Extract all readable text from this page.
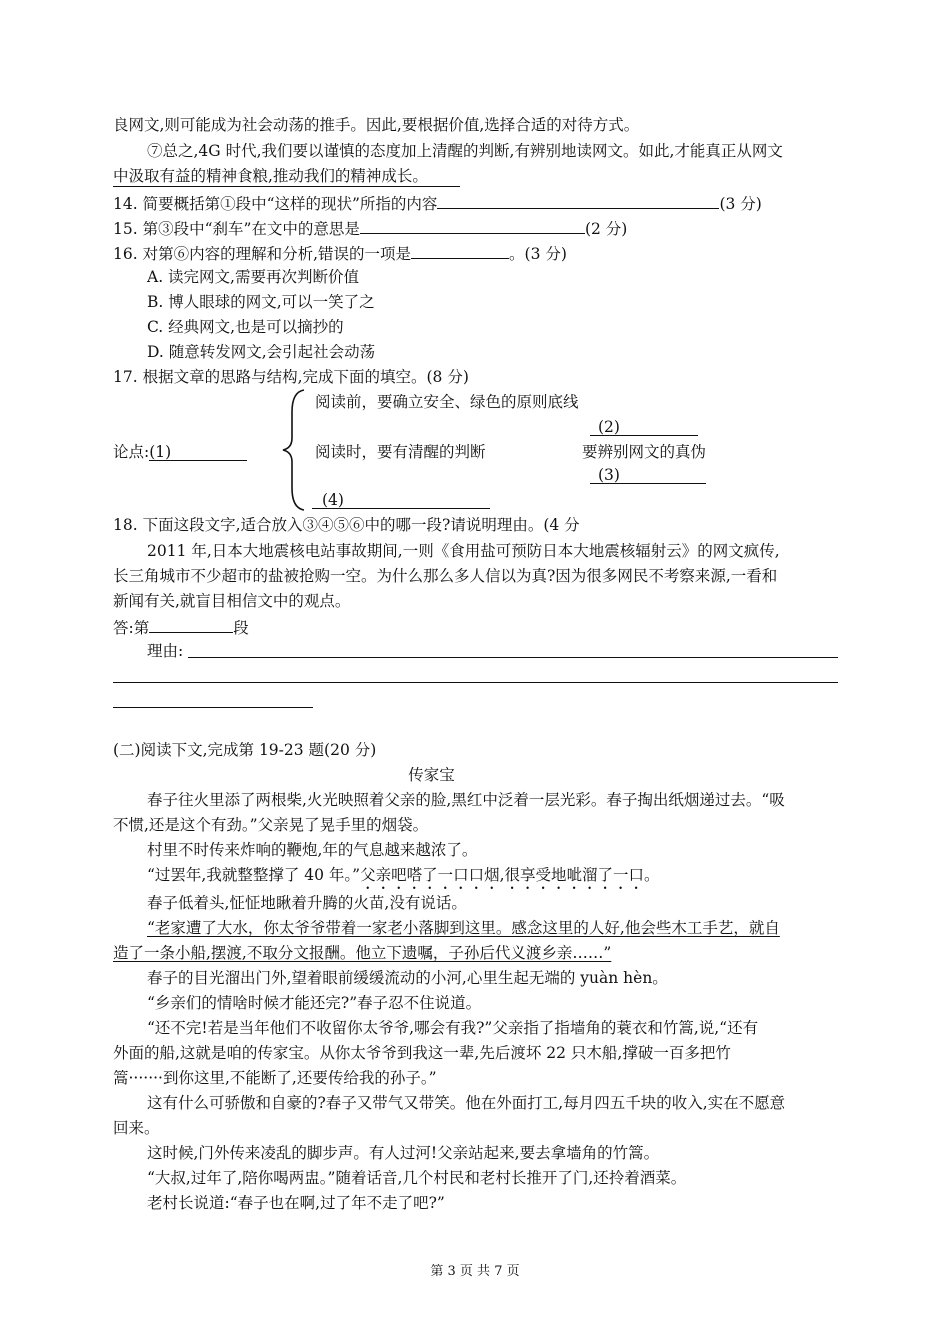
良网文,则可能成为社会动荡的推手。因此,要根据价值,选择合适的对待方式。
⑦总之,4G 时代,我们要以谨慎的态度加上清醒的判断,有辨别地读网文。如此,才能真正从网文
中汲取有益的精神食粮,推动我们的精神成长。
14. 简要概括第①段中“这样的现状”所指的内容	(3 分)
15. 第③段中“刹车”在文中的意思是	(2 分)
16. 对第⑥内容的理解和分析,错误的一项是	。(3 分)
A. 读完网文,需要再次判断价值
B. 博人眼球的网文,可以一笑了之
C. 经典网文,也是可以摘抄的
D. 随意转发网文,会引起社会动荡
17. 根据文章的思路与结构,完成下面的填空。(8 分)
论点:(1)
阅读前，要确立安全、绿色的原则底线
阅读时，要有清醒的判断
(2)
要辨别网文的真伪
(3)
(4)
18. 下面这段文字,适合放入③④⑤⑥中的哪一段?请说明理由。(4 分
2011 年,日本大地震核电站事故期间,一则《食用盐可预防日本大地震核辐射云》的网文疯传,
长三角城市不少超市的盐被抢购一空。为什么那么多人信以为真?因为很多网民不考察来源,一看和
新闻有关,就盲目相信文中的观点。
答:第	段
理由:
(二)阅读下文,完成第 19-23 题(20 分)
传家宝
春子往火里添了两根柴,火光映照着父亲的脸,黑红中泛着一层光彩。春子掏出纸烟递过去。“吸
不惯,还是这个有劲。”父亲晃了晃手里的烟袋。
村里不时传来炸响的鞭炮,年的气息越来越浓了。
“过罢年,我就整整撑了 40 年。”父亲吧嗒了一口口烟,很享受地呲溜了一口。
春子低着头,怔怔地瞅着升腾的火苗,没有说话。
“老家遭了大水，你太爷爷带着一家老小落脚到这里。感念这里的人好,他会些木工手艺，就自
造了一条小船,摆渡,不取分文报酬。他立下遗嘱，子孙后代义渡乡亲……”
春子的目光溜出门外,望着眼前缓缓流动的小河,心里生起无端的 yuàn hèn。
“乡亲们的情啥时候才能还完?”春子忍不住说道。
“还不完!若是当年他们不收留你太爷爷,哪会有我?”父亲指了指墙角的蓑衣和竹篙,说,“还有
外面的船,这就是咱的传家宝。从你太爷爷到我这一辈,先后渡坏 22 只木船,撑破一百多把竹
篙·······到你这里,不能断了,还要传给我的孙子。”
这有什么可骄傲和自豪的?春子又带气又带笑。他在外面打工,每月四五千块的收入,实在不愿意
回来。
这时候,门外传来凌乱的脚步声。有人过河!父亲站起来,要去拿墙角的竹篙。
“大叔,过年了,陪你喝两盅。”随着话音,几个村民和老村长推开了门,还拎着酒菜。
老村长说道:“春子也在啊,过了年不走了吧?”
第 3 页 共 7 页
